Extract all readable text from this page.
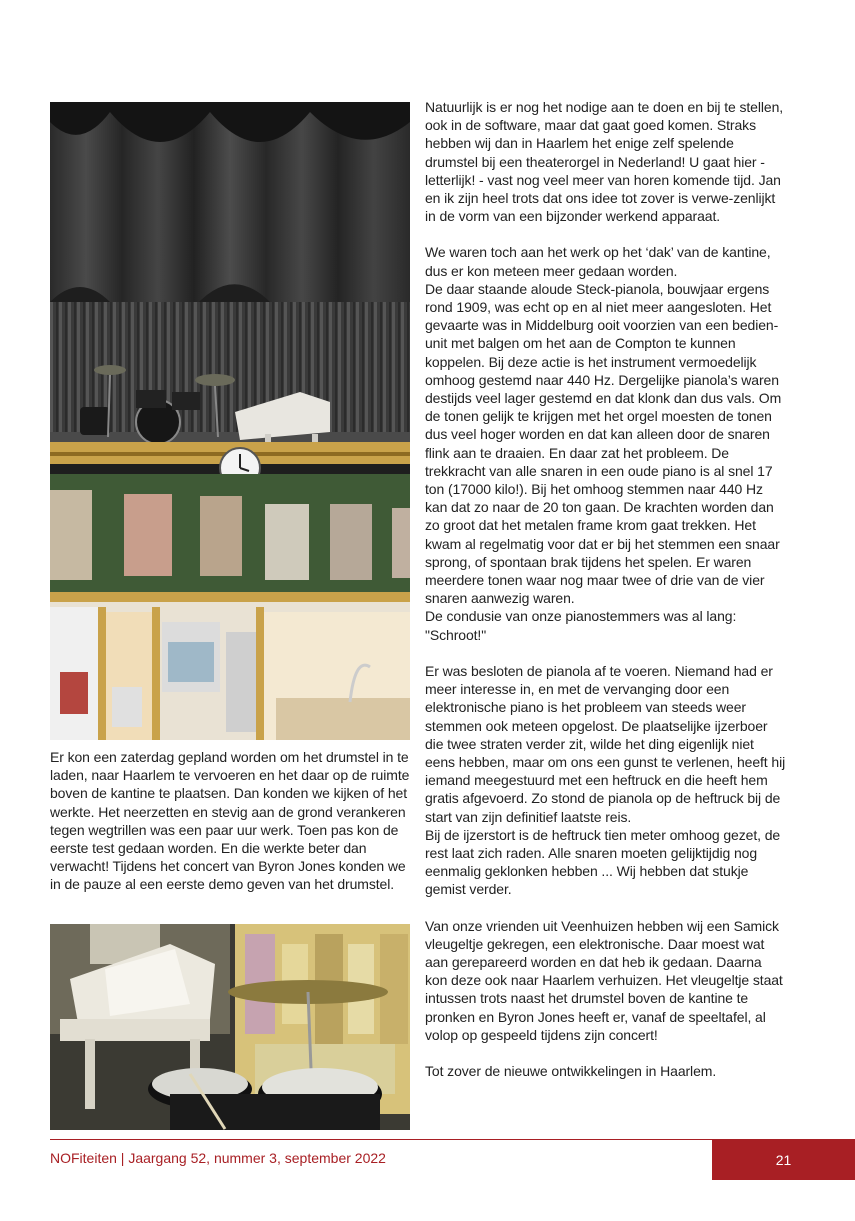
Er kon een zaterdag gepland worden om het drumstel in te laden, naar Haarlem te vervoeren en het daar op de ruimte boven de kantine te plaatsen. Dan konden we kijken of het werkte. Het neerzetten en stevig aan de grond verankeren tegen wegtrillen was een paar uur werk. Toen pas kon de eerste test gedaan worden. En die werkte beter dan verwacht! Tijdens het concert van Byron Jones konden we in de pauze al een eerste demo geven van het drumstel.

Natuurlijk is er nog het nodige aan te doen en bij te stellen, ook in de software, maar dat gaat goed komen. Straks hebben wij dan in Haarlem het enige zelf spelende drumstel bij een theaterorgel in Nederland! U gaat hier - letterlijk! - vast nog veel meer van horen komende tijd. Jan en ik zijn heel trots dat ons idee tot zover is verwe-zenlijkt in de vorm van een bijzonder werkend apparaat.
We waren toch aan het werk op het ‘dak’ van de kantine, dus er kon meteen meer gedaan worden.
De daar staande aloude Steck-pianola, bouwjaar ergens rond 1909, was echt op en al niet meer aangesloten. Het gevaarte was in Middelburg ooit voorzien van een bedien-unit met balgen om het aan de Compton te kunnen koppelen. Bij deze actie is het instrument vermoedelijk omhoog gestemd naar 440 Hz. Dergelijke pianola’s waren destijds veel lager gestemd en dat klonk dan dus vals. Om de tonen gelijk te krijgen met het orgel moesten de tonen dus veel hoger worden en dat kan alleen door de snaren flink aan te draaien. En daar zat het probleem. De trekkracht van alle snaren in een oude piano is al snel 17 ton (17000 kilo!). Bij het omhoog stemmen naar 440 Hz kan dat zo naar de 20 ton gaan. De krachten worden dan zo groot dat het metalen frame krom gaat trekken. Het kwam al regelmatig voor dat er bij het stemmen een snaar sprong, of spontaan brak tijdens het spelen. Er waren meerdere tonen waar nog maar twee of drie van de vier snaren aanwezig waren.
De condusie van onze pianostemmers was al lang: "Schroot!"
Er was besloten de pianola af te voeren. Niemand had er meer interesse in, en met de vervanging door een elektronische piano is het probleem van steeds weer stemmen ook meteen opgelost. De plaatselijke ijzerboer die twee straten verder zit, wilde het ding eigenlijk niet eens hebben, maar om ons een gunst te verlenen, heeft hij iemand meegestuurd met een heftruck en die heeft hem gratis afgevoerd. Zo stond de pianola op de heftruck bij de start van zijn definitief laatste reis.
Bij de ijzerstort is de heftruck tien meter omhoog gezet, de rest laat zich raden. Alle snaren moeten gelijktijdig nog eenmalig geklonken hebben ... Wij hebben dat stukje gemist verder.
Van onze vrienden uit Veenhuizen hebben wij een Samick vleugeltje gekregen, een elektronische. Daar moest wat aan gerepareerd worden en dat heb ik gedaan. Daarna kon deze ook naar Haarlem verhuizen. Het vleugeltje staat intussen trots naast het drumstel boven de kantine te pronken en Byron Jones heeft er, vanaf de speeltafel, al volop op gespeeld tijdens zijn concert!
Tot zover de nieuwe ontwikkelingen in Haarlem.
NOFiteiten | Jaargang 52, nummer 3, september 2022	21
